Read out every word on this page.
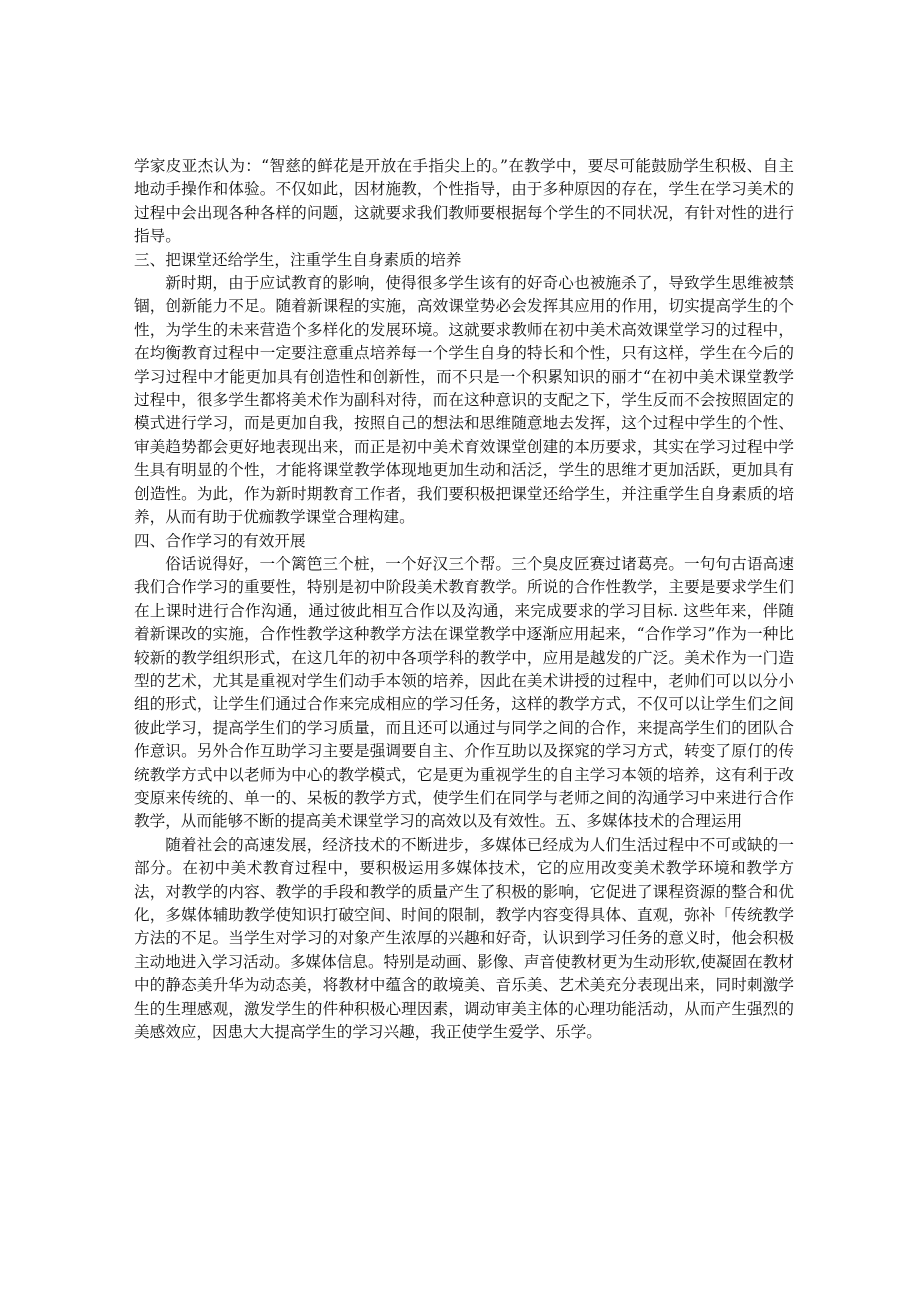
学家皮亚杰认为：“智慈的鲜花是开放在手指尖上的。”在教学中，要尽可能鼓励学生积极、自主地动手操作和体验。不仅如此，因材施教，个性指导，由于多种原因的存在，学生在学习美术的过程中会出现各种各样的问题，这就要求我们教师要根据每个学生的不同状况，有针对性的进行指导。

三、把课堂还给学生，注重学生自身素质的培养

新时期，由于应试教育的影响，使得很多学生该有的好奇心也被施杀了，导致学生思维被禁锢，创新能力不足。随着新课程的实施，高效课堂势必会发挥其应用的作用，切实提高学生的个性，为学生的未来营造个多样化的发展环境。这就要求教师在初中美术高效课堂学习的过程中，在均衡教育过程中一定要注意重点培养每一个学生自身的特长和个性，只有这样，学生在今后的学习过程中才能更加具有创造性和创新性，而不只是一个积累知识的丽才“在初中美术课堂教学过程中，很多学生都将美术作为副科对待，而在这种意识的支配之下，学生反而不会按照固定的模式进行学习，而是更加自我，按照自己的想法和思维随意地去发挥，这个过程中学生的个性、审美趋势都会更好地表现出来，而正是初中美术育效课堂创建的本历要求，其实在学习过程中学生具有明显的个性，才能将课堂教学体现地更加生动和活泛，学生的思维才更加活跃，更加具有创造性。为此，作为新时期教育工作者，我们要积极把课堂还给学生，并注重学生自身素质的培养，从而有助于优痂教学课堂合理构建。

四、合作学习的有效开展

俗话说得好，一个篱笆三个桩，一个好汉三个帮。三个臭皮匠赛过诸葛亮。一句句古语高速我们合作学习的重要性，特别是初中阶段美术教育教学。所说的合作性教学，主要是要求学生们在上课时进行合作沟通，通过彼此相互合作以及沟通，来完成要求的学习目标. 这些年来，伴随着新课改的实施，合作性教学这种教学方法在课堂教学中逐渐应用起来，“合作学习”作为一种比较新的教学组织形式，在这几年的初中各项学科的教学中，应用是越发的广泛。美术作为一门造型的艺术，尤其是重视对学生们动手本领的培养，因此在美术讲授的过程中，老帅们可以以分小组的形式，让学生们通过合作来完成相应的学习任务，这样的教学方式，不仅可以让学生们之间彼此学习，提高学生们的学习质量，而且还可以通过与同学之间的合作，来提高学生们的团队合作意识。另外合作互助学习主要是强调要自主、介作互助以及探窕的学习方式，转变了原仃的传统教学方式中以老师为中心的教学模式，它是更为重视学生的自主学习本领的培养，这有利于改变原来传统的、单一的、呆板的教学方式，使学生们在同学与老师之间的沟通学习中来进行合作教学，从而能够不断的提高美术课堂学习的高效以及有效性。五、多媒体技术的合理运用

随着社会的高速发展，经济技术的不断进步，多媒体已经成为人们生活过程中不可或缺的一部分。在初中美术教育过程中，要积极运用多媒体技术，它的应用改变美术教学环境和教学方法，对教学的内容、教学的手段和教学的质量产生了积极的影响，它促进了课程资源的整合和优化，多媒体辅助教学使知识打破空间、时间的限制，教学内容变得具体、直观，弥补「传统教学方法的不足。当学生对学习的对象产生浓厚的兴趣和好奇，认识到学习任务的意义时，他会积极主动地进入学习活动。多媒体信息。特别是动画、影像、声音使教材更为生动形软,使凝固在教材中的静态美升华为动态美，将教材中蕴含的敢境美、音乐美、艺术美充分表现出来，同时刺激学生的生理感观，激发学生的件种积极心理因素，调动审美主体的心理功能活动，从而产生强烈的美感效应，因患大大提高学生的学习兴趣，我正使学生爱学、乐学。
